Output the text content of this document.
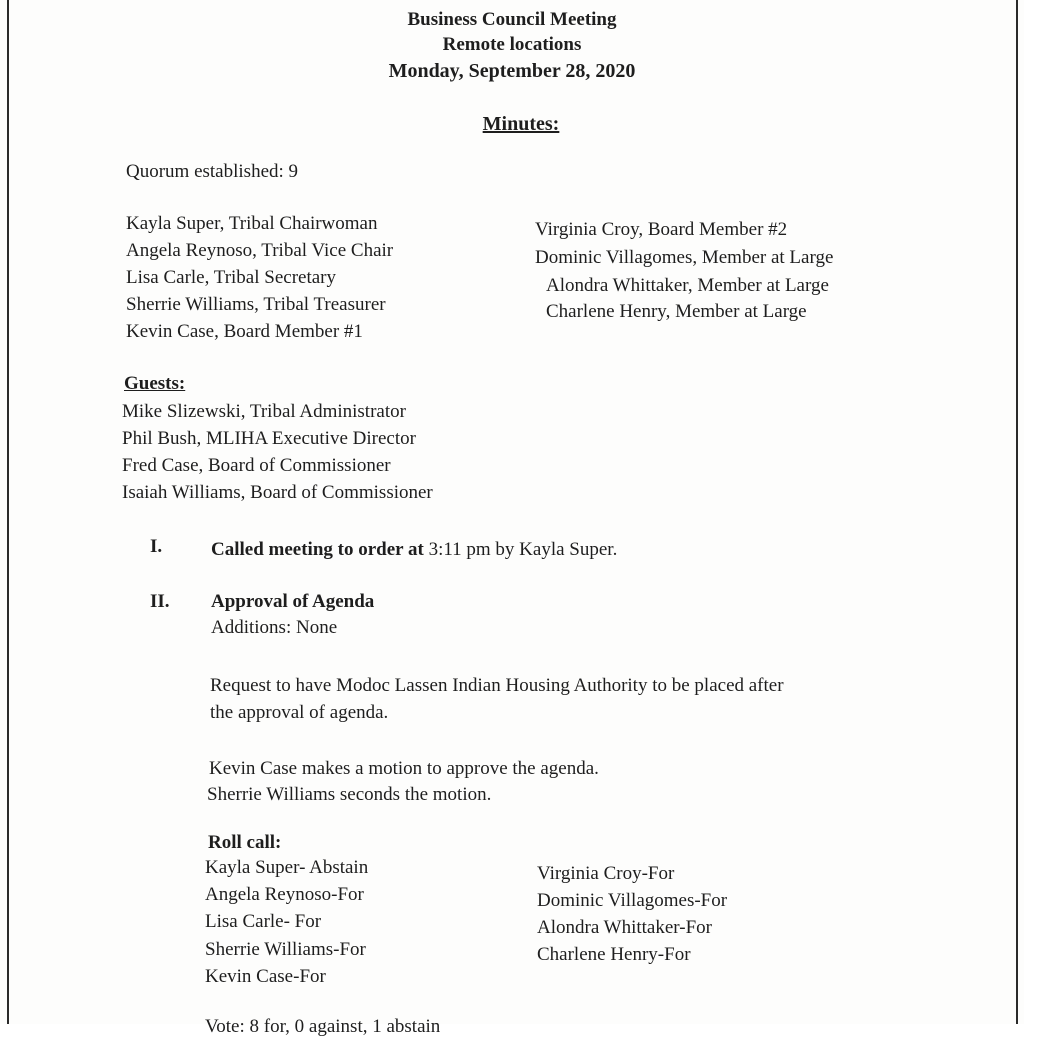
Business Council Meeting
Remote locations
Monday, September 28, 2020
Minutes:
Quorum established: 9
Kayla Super, Tribal Chairwoman
Angela Reynoso, Tribal Vice Chair
Lisa Carle, Tribal Secretary
Sherrie Williams, Tribal Treasurer
Kevin Case, Board Member #1
Virginia Croy, Board Member #2
Dominic Villagomes, Member at Large
Alondra Whittaker, Member at Large
Charlene Henry, Member at Large
Guests:
Mike Slizewski, Tribal Administrator
Phil Bush, MLIHA Executive Director
Fred Case, Board of Commissioner
Isaiah Williams, Board of Commissioner
I.	Called meeting to order at 3:11 pm by Kayla Super.
II. Approval of Agenda
Additions: None
Request to have Modoc Lassen Indian Housing Authority to be placed after
the approval of agenda.
Kevin Case makes a motion to approve the agenda.
Sherrie Williams seconds the motion.
Roll call:
Kayla Super- Abstain
Angela Reynoso-For
Lisa Carle- For
Sherrie Williams-For
Kevin Case-For
Virginia Croy-For
Dominic Villagomes-For
Alondra Whittaker-For
Charlene Henry-For
Vote: 8 for, 0 against, 1 abstain
